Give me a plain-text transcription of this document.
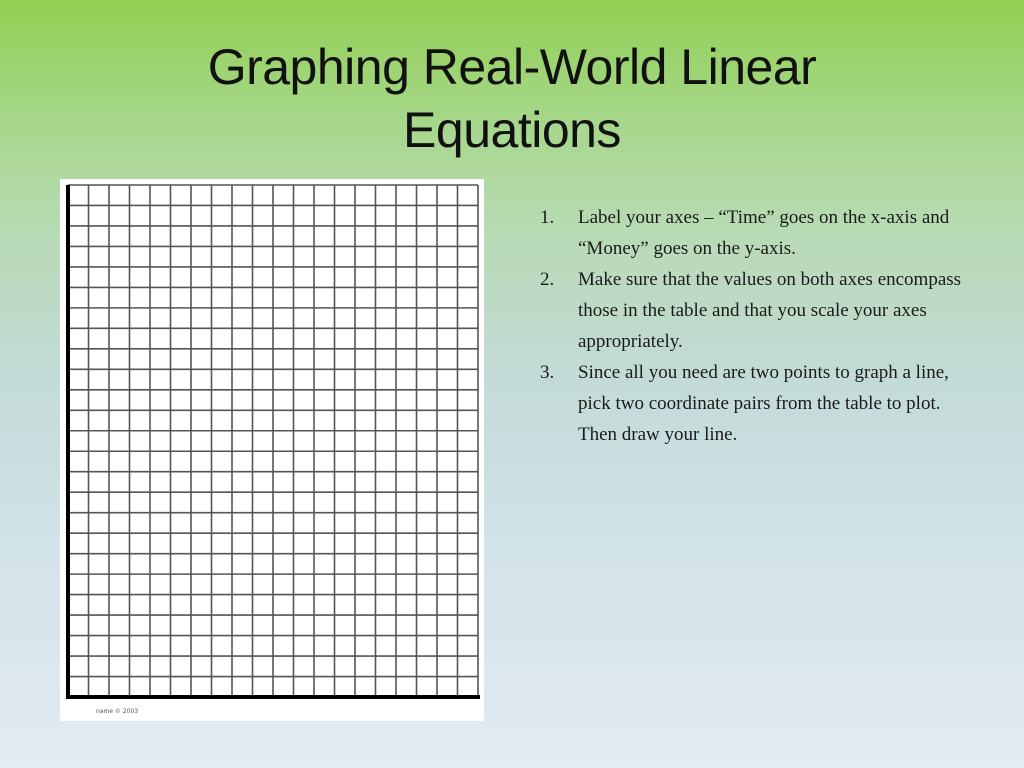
Graphing Real-World Linear
Equations
name © 2003
1. Label your axes – “Time” goes on the x-axis and “Money” goes on the y-axis.
2. Make sure that the values on both axes encompass those in the table and that you scale your axes appropriately.
3. Since all you need are two points to graph a line, pick two coordinate pairs from the table to plot. Then draw your line.
